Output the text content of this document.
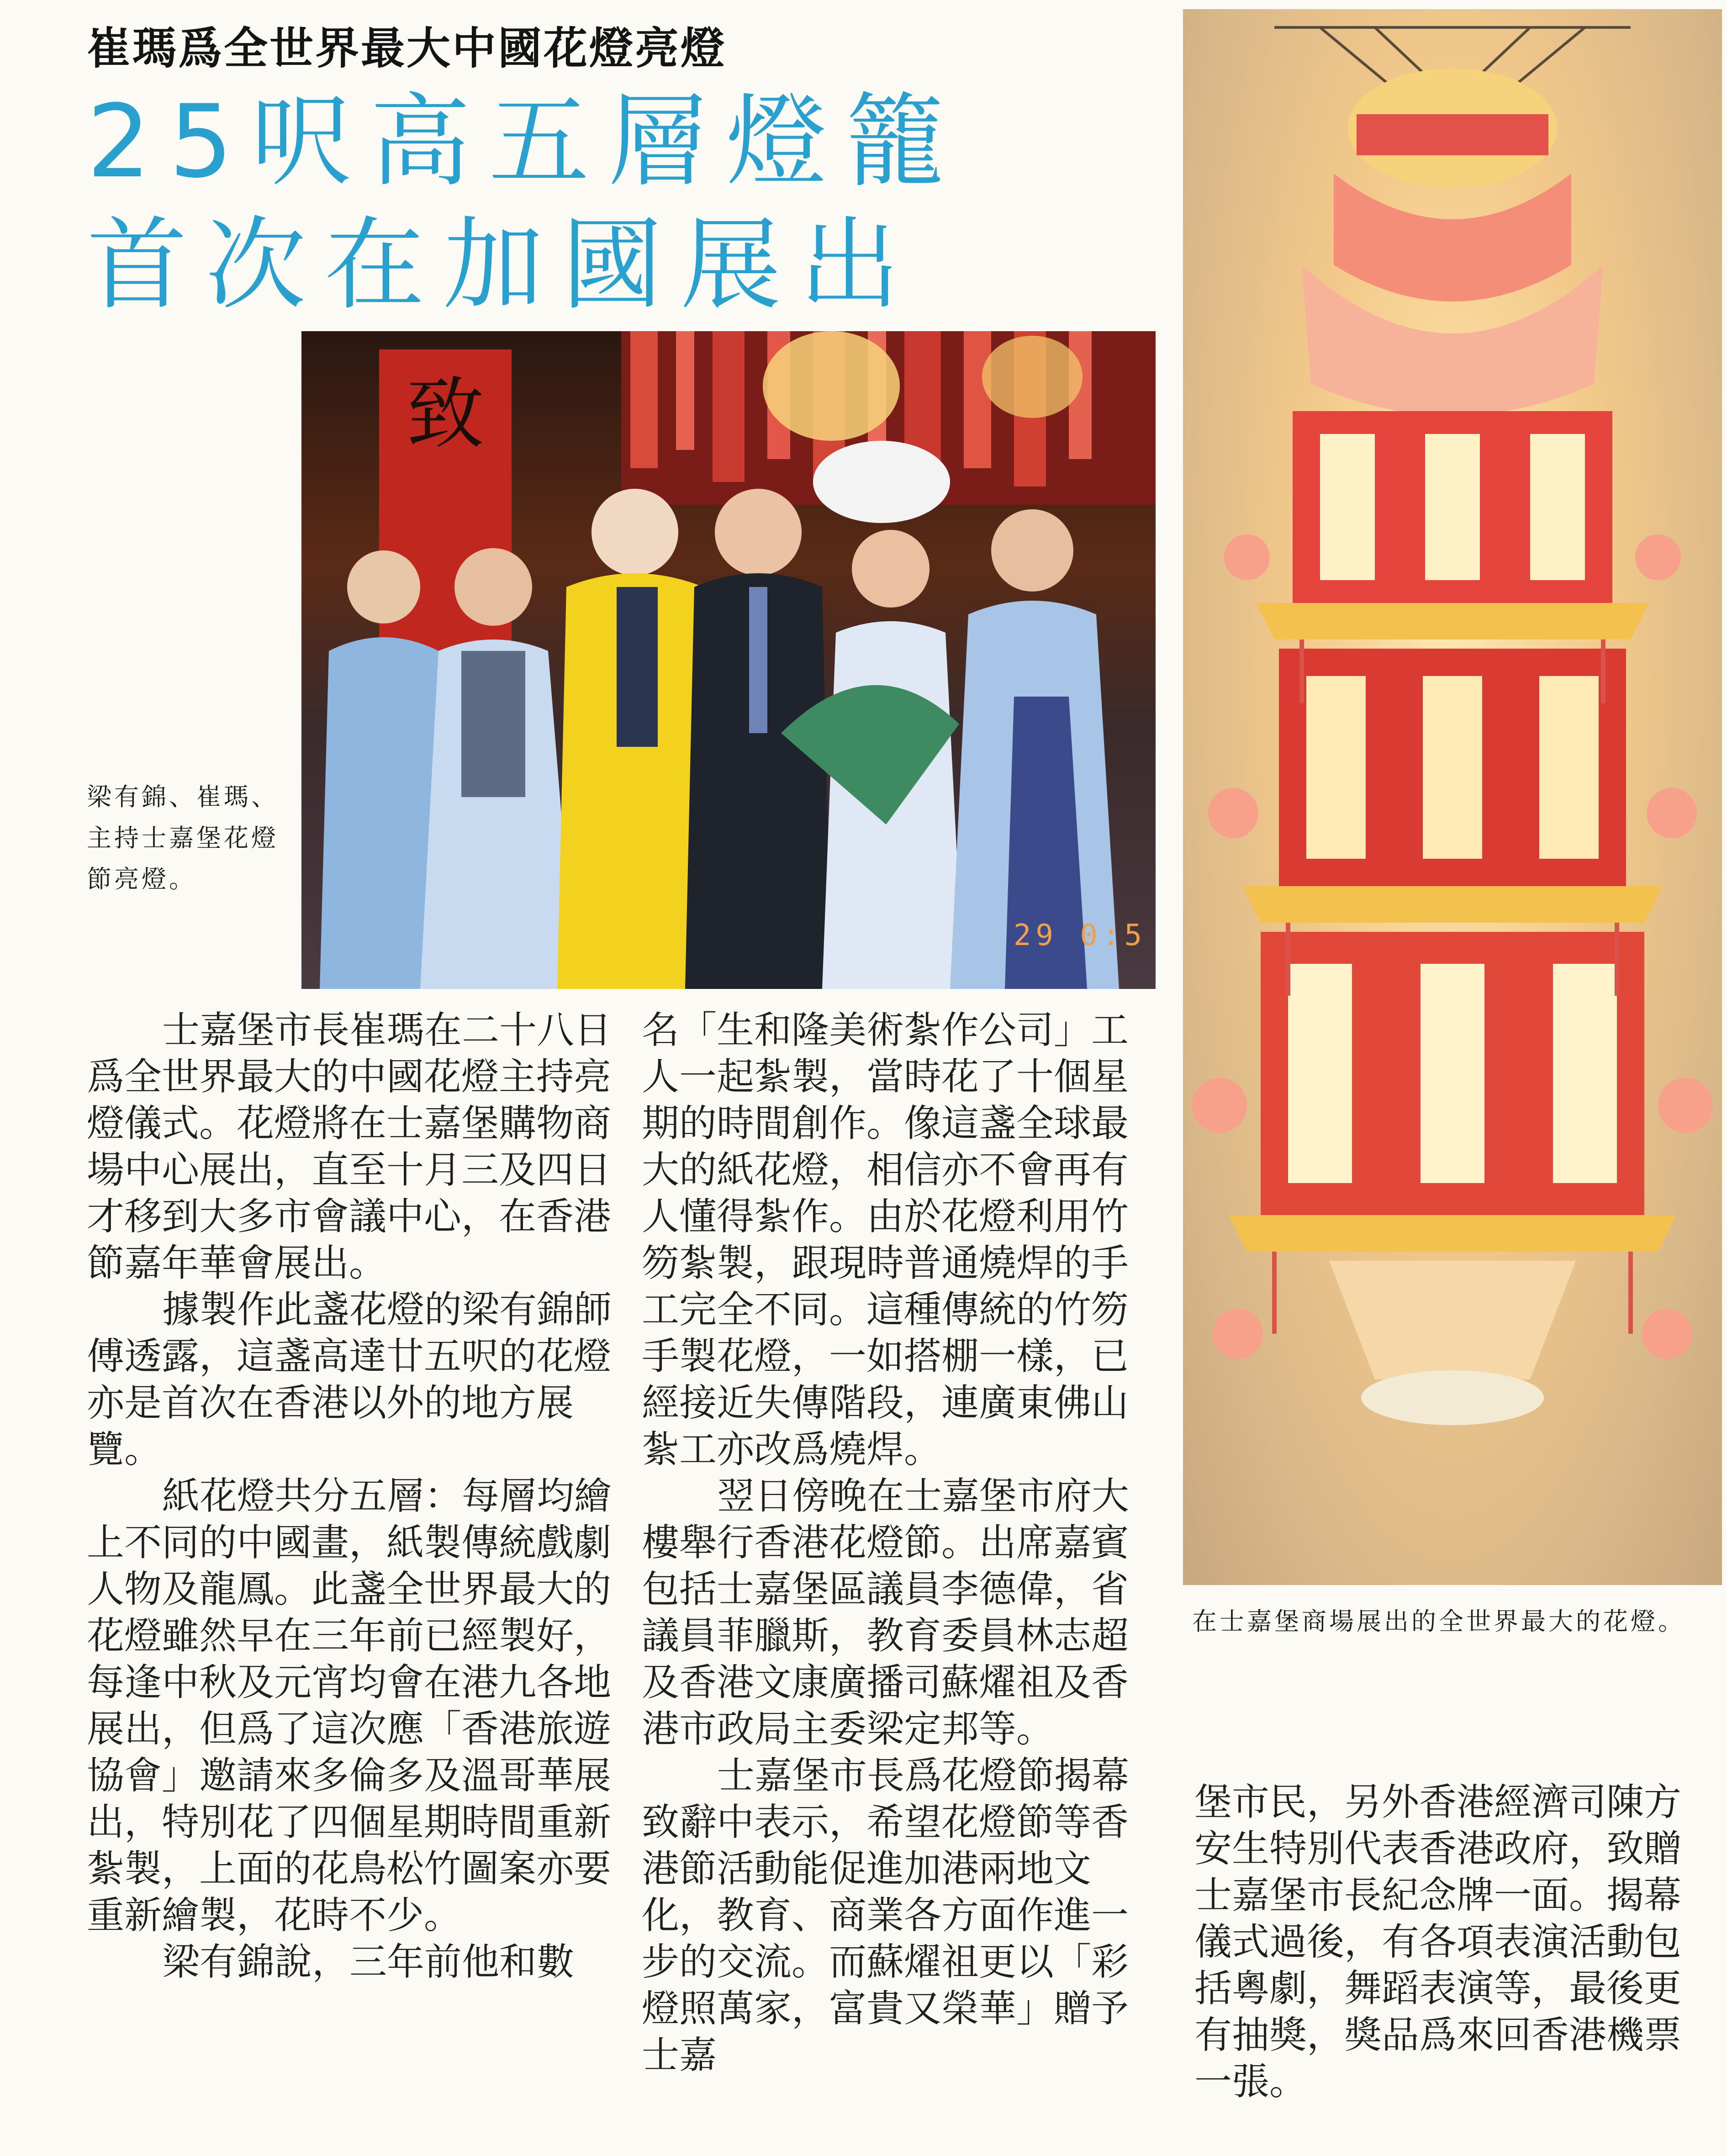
崔瑪爲全世界最大中國花燈亮燈
25呎高五層燈籠
首次在加國展出
致
29 0:5
梁有錦、崔瑪、主持士嘉堡花燈節亮燈。
在士嘉堡商場展出的全世界最大的花燈。

士嘉堡市長崔瑪在二十八日爲全世界最大的中國花燈主持亮燈儀式。花燈將在士嘉堡購物商場中心展出，直至十月三及四日才移到大多市會議中心，在香港節嘉年華會展出。

據製作此盞花燈的梁有錦師傅透露，這盞高達廿五呎的花燈亦是首次在香港以外的地方展覽。

紙花燈共分五層：每層均繪上不同的中國畫，紙製傳統戲劇人物及龍鳳。此盞全世界最大的花燈雖然早在三年前已經製好，每逢中秋及元宵均會在港九各地展出，但爲了這次應「香港旅遊協會」邀請來多倫多及溫哥華展出，特別花了四個星期時間重新紮製，上面的花鳥松竹圖案亦要重新繪製，花時不少。

梁有錦說，三年前他和數

名「生和隆美術紮作公司」工人一起紮製，當時花了十個星期的時間創作。像這盞全球最大的紙花燈，相信亦不會再有人懂得紮作。由於花燈利用竹笏紮製，跟現時普通燒焊的手工完全不同。這種傳統的竹笏手製花燈，一如搭棚一樣，已經接近失傳階段，連廣東佛山紮工亦改爲燒焊。

翌日傍晚在士嘉堡市府大樓舉行香港花燈節。出席嘉賓包括士嘉堡區議員李德偉，省議員菲臘斯，教育委員林志超及香港文康廣播司蘇燿祖及香港市政局主委梁定邦等。

士嘉堡市長爲花燈節揭幕致辭中表示，希望花燈節等香港節活動能促進加港兩地文化，教育、商業各方面作進一步的交流。而蘇燿祖更以「彩燈照萬家，富貴又榮華」贈予士嘉

堡市民，另外香港經濟司陳方安生特別代表香港政府，致贈士嘉堡市長紀念牌一面。揭幕儀式過後，有各項表演活動包括粵劇，舞蹈表演等，最後更有抽獎，獎品爲來回香港機票一張。
